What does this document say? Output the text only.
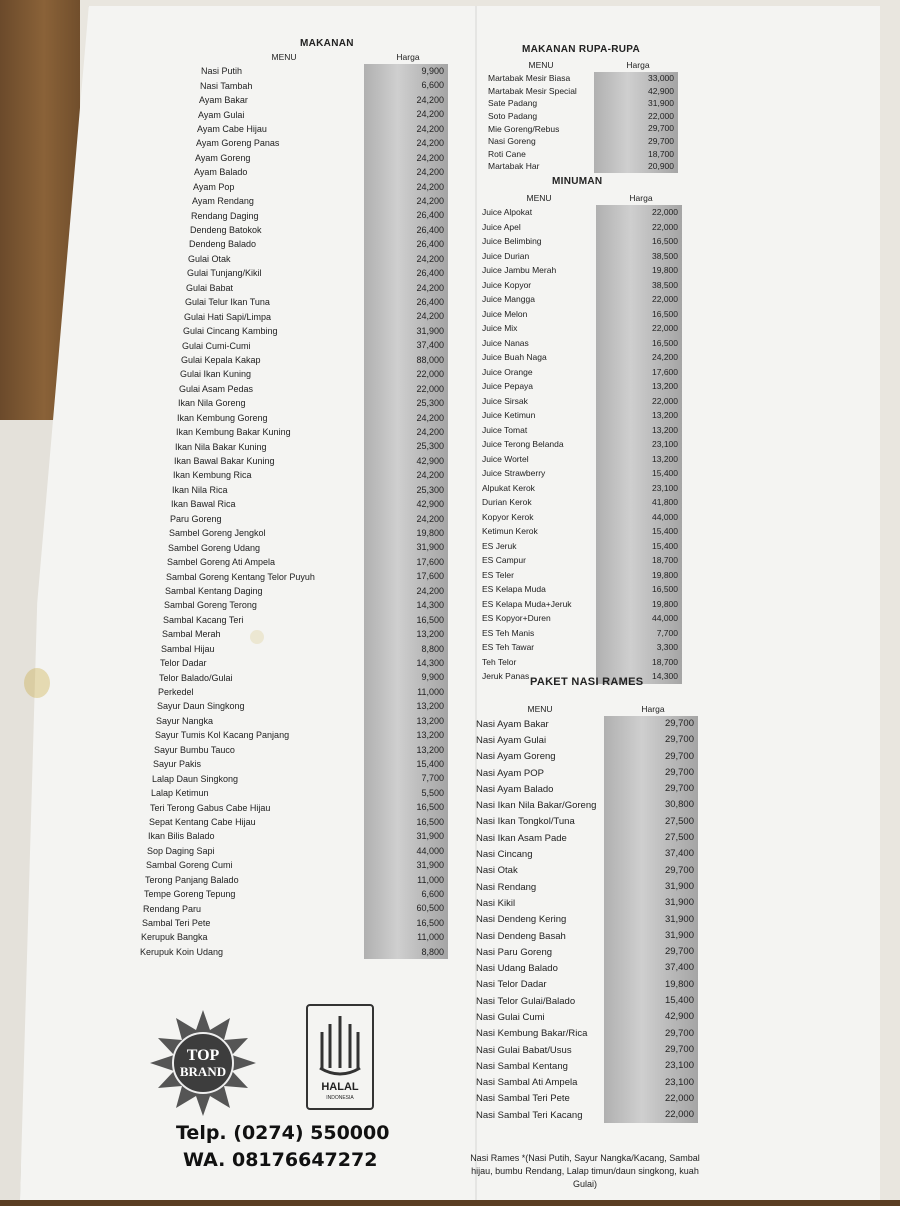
MAKANAN
MENU	Harga
Nasi Putih	9,900
Nasi Tambah	6,600
Ayam Bakar	24,200
Ayam Gulai	24,200
Ayam Cabe Hijau	24,200
Ayam Goreng Panas	24,200
Ayam Goreng	24,200
Ayam Balado	24,200
Ayam Pop	24,200
Ayam Rendang	24,200
Rendang Daging	26,400
Dendeng Batokok	26,400
Dendeng Balado	26,400
Gulai Otak	24,200
Gulai Tunjang/Kikil	26,400
Gulai Babat	24,200
Gulai Telur Ikan Tuna	26,400
Gulai Hati Sapi/Limpa	24,200
Gulai Cincang Kambing	31,900
Gulai Cumi-Cumi	37,400
Gulai Kepala Kakap	88,000
Gulai Ikan Kuning	22,000
Gulai Asam Pedas	22,000
Ikan Nila Goreng	25,300
Ikan Kembung Goreng	24,200
Ikan Kembung Bakar Kuning	24,200
Ikan Nila Bakar Kuning	25,300
Ikan Bawal Bakar Kuning	42,900
Ikan Kembung Rica	24,200
Ikan Nila Rica	25,300
Ikan Bawal Rica	42,900
Paru Goreng	24,200
Sambel Goreng Jengkol	19,800
Sambel Goreng Udang	31,900
Sambel Goreng Ati Ampela	17,600
Sambal Goreng Kentang Telor Puyuh	17,600
Sambal Kentang Daging	24,200
Sambal Goreng Terong	14,300
Sambal Kacang Teri	16,500
Sambal Merah	13,200
Sambal Hijau	8,800
Telor Dadar	14,300
Telor Balado/Gulai	9,900
Perkedel	11,000
Sayur Daun Singkong	13,200
Sayur Nangka	13,200
Sayur Tumis Kol Kacang Panjang	13,200
Sayur Bumbu Tauco	13,200
Sayur Pakis	15,400
Lalap Daun Singkong	7,700
Lalap Ketimun	5,500
Teri Terong Gabus Cabe Hijau	16,500
Sepat Kentang Cabe Hijau	16,500
Ikan Bilis Balado	31,900
Sop Daging Sapi	44,000
Sambal Goreng Cumi	31,900
Terong Panjang Balado	11,000
Tempe Goreng Tepung	6,600
Rendang Paru	60,500
Sambal Teri Pete	16,500
Kerupuk Bangka	11,000
Kerupuk Koin Udang	8,800
MAKANAN RUPA-RUPA
MENU	Harga
Martabak Mesir Biasa	33,000
Martabak Mesir Special	42,900
Sate Padang	31,900
Soto Padang	22,000
Mie Goreng/Rebus	29,700
Nasi Goreng	29,700
Roti Cane	18,700
Martabak Har	20,900
MINUMAN
MENU	Harga
Juice Alpokat	22,000
Juice Apel	22,000
Juice Belimbing	16,500
Juice Durian	38,500
Juice Jambu Merah	19,800
Juice Kopyor	38,500
Juice Mangga	22,000
Juice Melon	16,500
Juice Mix	22,000
Juice Nanas	16,500
Juice Buah Naga	24,200
Juice Orange	17,600
Juice Pepaya	13,200
Juice Sirsak	22,000
Juice Ketimun	13,200
Juice Tomat	13,200
Juice Terong Belanda	23,100
Juice Wortel	13,200
Juice Strawberry	15,400
Alpukat Kerok	23,100
Durian Kerok	41,800
Kopyor Kerok	44,000
Ketimun Kerok	15,400
ES Jeruk	15,400
ES Campur	18,700
ES Teler	19,800
ES Kelapa Muda	16,500
ES Kelapa Muda+Jeruk	19,800
ES Kopyor+Duren	44,000
ES Teh Manis	7,700
ES Teh Tawar	3,300
Teh Telor	18,700
Jeruk Panas	14,300
PAKET NASI RAMES
MENU	Harga
Nasi Ayam Bakar	29,700
Nasi Ayam Gulai	29,700
Nasi Ayam Goreng	29,700
Nasi Ayam POP	29,700
Nasi Ayam Balado	29,700
Nasi Ikan Nila Bakar/Goreng	30,800
Nasi Ikan Tongkol/Tuna	27,500
Nasi Ikan Asam Pade	27,500
Nasi Cincang	37,400
Nasi Otak	29,700
Nasi Rendang	31,900
Nasi Kikil	31,900
Nasi Dendeng Kering	31,900
Nasi Dendeng Basah	31,900
Nasi Paru Goreng	29,700
Nasi Udang Balado	37,400
Nasi Telor Dadar	19,800
Nasi Telor Gulai/Balado	15,400
Nasi Gulai Cumi	42,900
Nasi Kembung Bakar/Rica	29,700
Nasi Gulai Babat/Usus	29,700
Nasi Sambal Kentang	23,100
Nasi Sambal Ati Ampela	23,100
Nasi Sambal Teri Pete	22,000
Nasi Sambal Teri Kacang	22,000
TOP
BRAND
HALAL
INDONESIA
Telp. (0274) 550000
WA. 08176647272	Nasi Rames *(Nasi Putih, Sayur Nangka/Kacang, Sambal hijau, bumbu Rendang, Lalap timun/daun singkong, kuah Gulai)
